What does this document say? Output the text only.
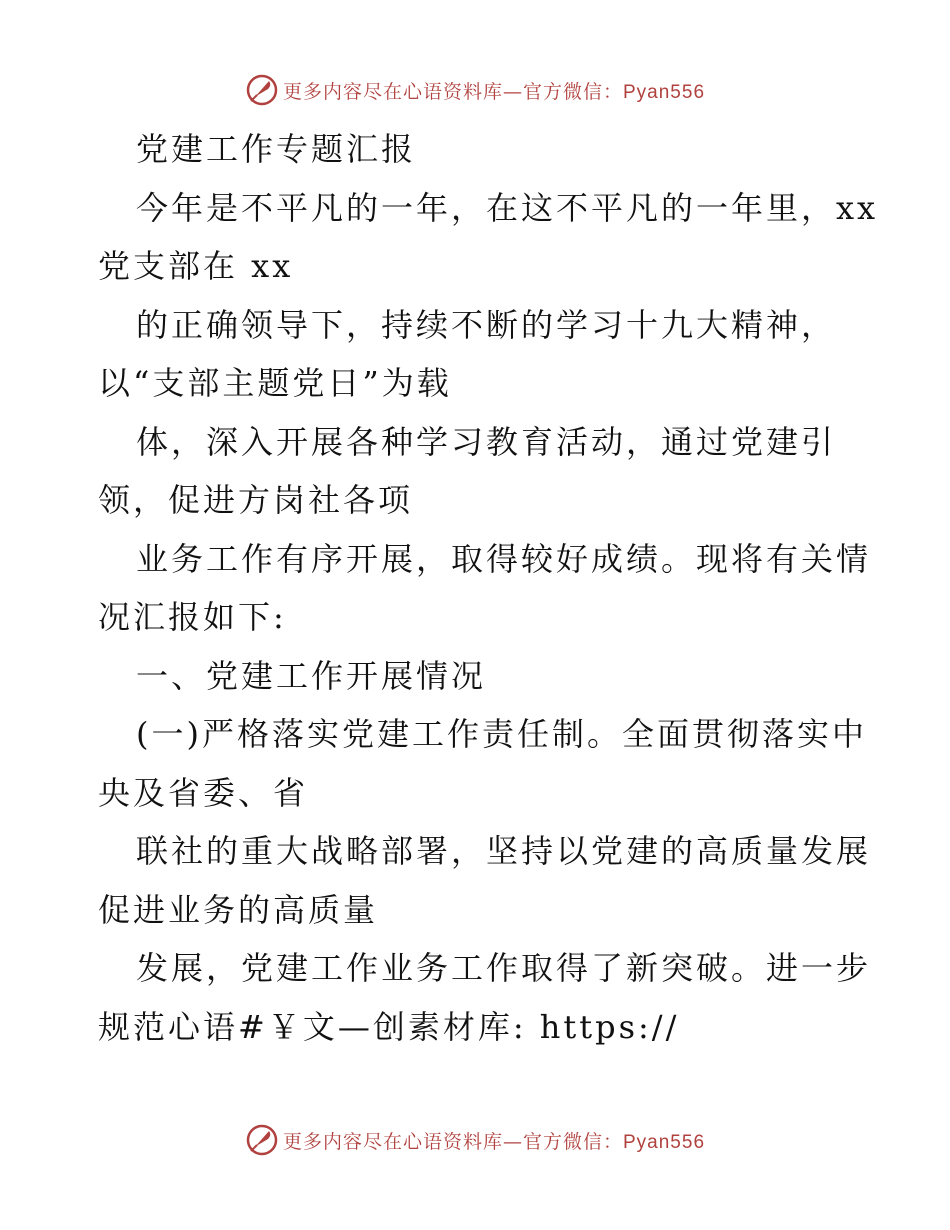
更多内容尽在心语资料库—官方微信：Pyan556

党建工作专题汇报

今年是不平凡的一年，在这不平凡的一年里，xx

党支部在 xx

的正确领导下，持续不断的学习十九大精神，

以“支部主题党日”为载

体，深入开展各种学习教育活动，通过党建引

领，促进方岗社各项

业务工作有序开展，取得较好成绩。现将有关情

况汇报如下:

一、党建工作开展情况

(一)严格落实党建工作责任制。全面贯彻落实中

央及省委、省

联社的重大战略部署，坚持以党建的高质量发展

促进业务的高质量

发展，党建工作业务工作取得了新突破。进一步

规范心语#￥文—创素材库: https://

更多内容尽在心语资料库—官方微信：Pyan556
